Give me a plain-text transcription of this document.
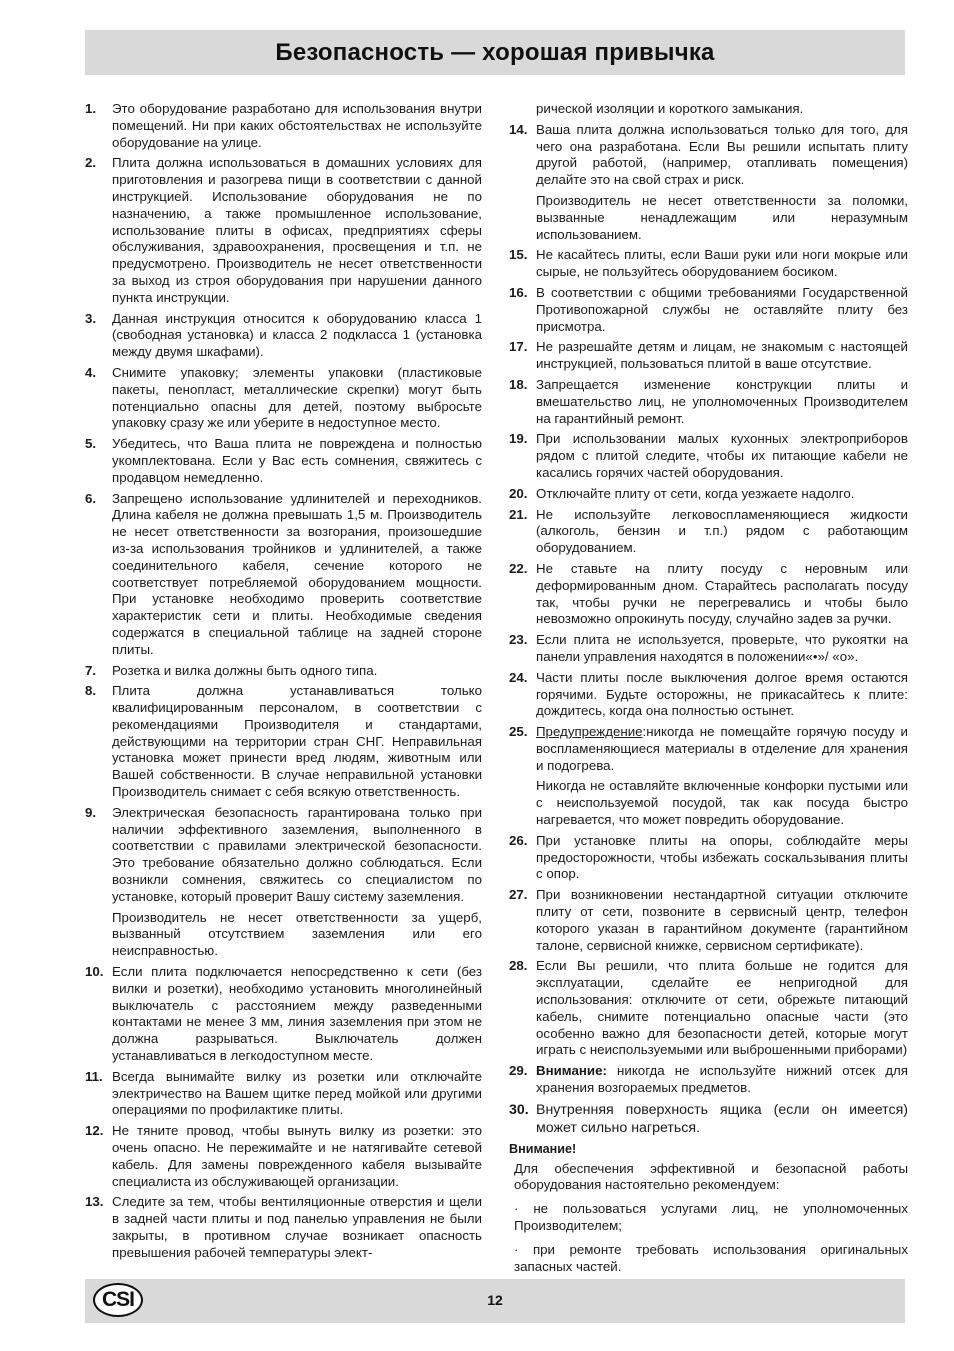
Безопасность — хорошая привычка
1.	Это оборудование разработано для использования внутри помещений. Ни при каких обстоятельствах не используйте оборудование на улице.

2.	Плита должна использоваться в домашних условиях для приготовления и разогрева пищи в соответствии с данной инструкцией. Использование оборудования не по назначению, а также промышленное использование, использование плиты в офисах, предприятиях сферы обслуживания, здравоохранения, просвещения и т.п. не предусмотрено. Производитель не несет ответственности за выход из строя оборудования при нарушении данного пункта инструкции.

3.	Данная инструкция относится к оборудованию класса 1 (свободная установка) и класса 2 подкласса 1 (установка между двумя шкафами).

4.	Снимите упаковку; элементы упаковки (пластиковые пакеты, пенопласт, металлические скрепки) могут быть потенциально опасны для детей, поэтому выбросьте упаковку сразу же или уберите в недоступное место.

5.	Убедитесь, что Ваша плита не повреждена и полностью укомплектована. Если у Вас есть сомнения, свяжитесь с продавцом немедленно.

6.	Запрещено использование удлинителей и переходников. Длина кабеля не должна превышать 1,5 м. Производитель не несет ответственности за возгорания, произошедшие из-за использования тройников и удлинителей, а также соединительного кабеля, сечение которого не соответствует потребляемой оборудованием мощности. При установке необходимо проверить соответствие характеристик сети и плиты. Необходимые сведения содержатся в специальной таблице на задней стороне плиты.

7.	Розетка и вилка должны быть одного типа.

8.	Плита должна устанавливаться только квалифицированным персоналом, в соответствии с рекомендациями Производителя и стандартами, действующими на территории стран СНГ. Неправильная установка может принести вред людям, животным или Вашей собственности. В случае неправильной установки Производитель снимает с себя всякую ответственность.

9.	Электрическая безопасность гарантирована только при наличии эффективного заземления, выполненного в соответствии с правилами электрической безопасности. Это требование обязательно должно соблюдаться. Если возникли сомнения, свяжитесь со специалистом по установке, который проверит Вашу систему заземления.

Производитель не несет ответственности за ущерб, вызванный отсутствием заземления или его неисправностью.

10. Если плита подключается непосредственно к сети (без вилки и розетки), необходимо установить многолинейный выключатель с расстоянием между разведенными контактами не менее 3 мм, линия заземления при этом не должна разрываться. Выключатель должен устанавливаться в легкодоступном месте.

11. Всегда вынимайте вилку из розетки или отключайте электричество на Вашем щитке перед мойкой или другими операциями по профилактике плиты.

12. Не тяните провод, чтобы вынуть вилку из розетки: это очень опасно. Не пережимайте и не натягивайте сетевой кабель. Для замены поврежденного кабеля вызывайте специалиста из обслуживающей организации.

13. Следите за тем, чтобы вентиляционные отверстия и щели в задней части плиты и под панелью управления не были закрыты, в противном случае возникает опасность превышения рабочей температуры элект-

рической изоляции и короткого замыкания.
14. Ваша плита должна использоваться только для того, для чего она разработана. Если Вы решили испытать плиту другой работой, (например, отапливать помещения) делайте это на свой страх и риск.

Производитель не несет ответственности за поломки, вызванные ненадлежащим или неразумным использованием.

15. Не касайтесь плиты, если Ваши руки или ноги мокрые или сырые, не пользуйтесь оборудованием босиком.

16. В соответствии с общими требованиями Государственной Противопожарной службы не оставляйте плиту без присмотра.

17. Не разрешайте детям и лицам, не знакомым с настоящей инструкцией, пользоваться плитой в ваше отсутствие.

18. Запрещается изменение конструкции плиты и вмешательство лиц, не уполномоченных Производителем на гарантийный ремонт.

19. При использовании малых кухонных электроприборов рядом с плитой следите, чтобы их питающие кабели не касались горячих частей оборудования.

20. Отключайте плиту от сети, когда уезжаете надолго.

21. Не используйте легковоспламеняющиеся жидкости (алкоголь, бензин и т.п.) рядом с работающим оборудованием.

22. Не ставьте на плиту посуду с неровным или деформированным дном. Старайтесь располагать посуду так, чтобы ручки не перегревались и чтобы было невозможно опрокинуть посуду, случайно задев за ручки.

23. Если плита не используется, проверьте, что рукоятки на панели управления находятся в положении«•»/ «o».

24. Части плиты после выключения долгое время остаются горячими. Будьте осторожны, не прикасайтесь к плите: дождитесь, когда она полностью остынет.

25. Предупреждение:никогда не помещайте горячую посуду и воспламеняющиеся материалы в отделение для хранения и подогрева.

Никогда не оставляйте включенные конфорки пустыми или с неиспользуемой посудой, так как посуда быстро нагревается, что может повредить оборудование.

26. При установке плиты на опоры, соблюдайте меры предосторожности, чтобы избежать соскальзывания плиты с опор.

27. При возникновении нестандартной ситуации отключите плиту от сети, позвоните в сервисный центр, телефон которого указан в гарантийном документе (гарантийном талоне, сервисной книжке, сервисном сертификате).

28. Если Вы решили, что плита больше не годится для эксплуатации, сделайте ее непригодной для использования: отключите от сети, обрежьте питающий кабель, снимите потенциально опасные части (это особенно важно для безопасности детей, которые могут играть с неиспользуемыми или выброшенными приборами)

29. Внимание: никогда не используйте нижний отсек для хранения возгораемых предметов.

30. Внутренняя поверхность ящика (если он имеется) может сильно нагреться.
Внимание!

Для обеспечения эффективной и безопасной работы оборудования настоятельно рекомендуем:

· не пользоваться услугами лиц, не уполномоченных Производителем;

· при ремонте требовать использования оригинальных запасных частей.

CSI	12
